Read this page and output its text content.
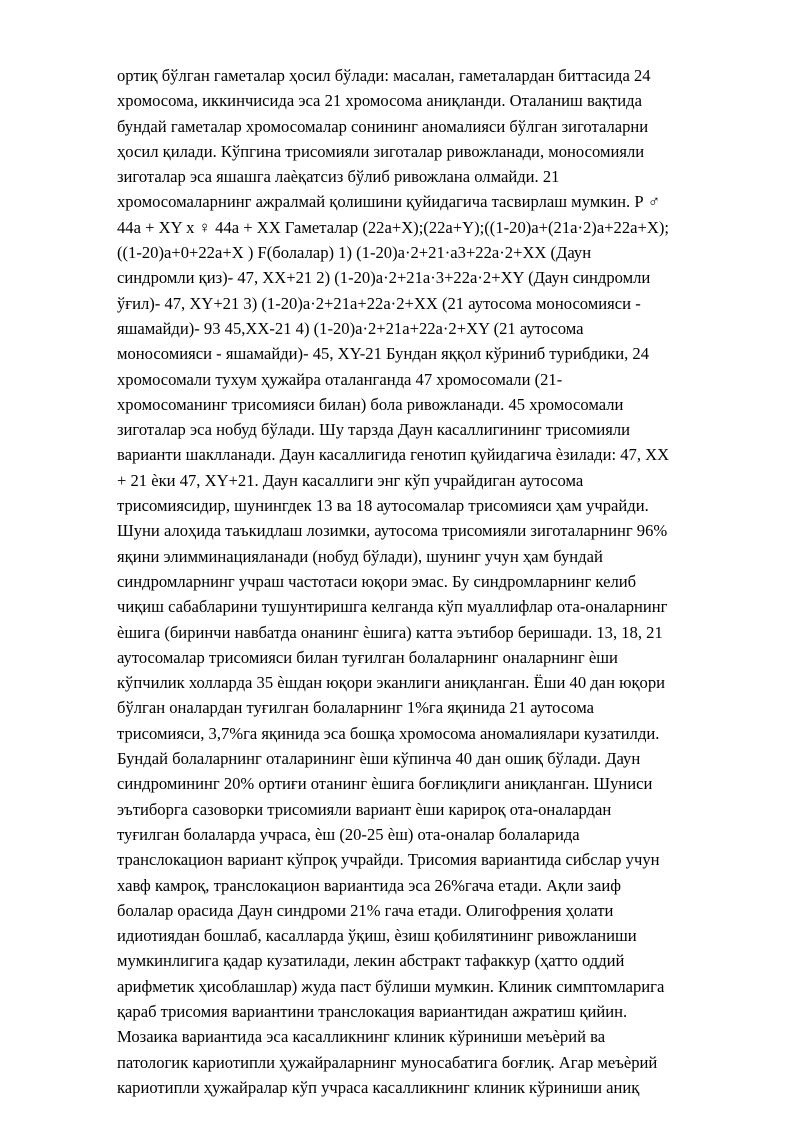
ортиқ бўлган гаметалар ҳосил бўлади: масалан, гаметалардан биттасида 24
хромосома, иккинчисида эса 21 хромосома аниқланди. Оталаниш вақтида
бундай гаметалар хромосомалар сонининг аномалияси бўлган зиготаларни
ҳосил қилади. Кўпгина трисомияли зиготалар ривожланади, моносомияли
зиготалар эса яшашга лаѐқатсиз бўлиб ривожлана олмайди. 21
хромосомаларнинг ажралмай қолишини қуйидагича тасвирлаш мумкин. Р ♂
44а + ХY х ♀ 44а + ХХ Гаметалар (22а+Х);(22а+Y);((1-20)а+(21а·2)а+22а+Х);
((1-20)а+0+22а+Х ) F(болалар) 1) (1-20)а·2+21·а3+22а·2+ХХ (Даун
синдромли қиз)- 47, ХХ+21 2) (1-20)а·2+21а·3+22а·2+ХY (Даун синдромли
ўғил)- 47, ХY+21 3) (1-20)а·2+21а+22а·2+ХХ (21 аутосома моносомияси -
яшамайди)- 93 45,ХХ-21 4) (1-20)а·2+21а+22а·2+ХY (21 аутосома
моносомияси - яшамайди)- 45, ХY-21 Бундан яққол кўриниб турибдики, 24
хромосомали тухум ҳужайра оталанганда 47 хромосомали (21-
хромосоманинг трисомияси билан) бола ривожланади. 45 хромосомали
зиготалар эса нобуд бўлади. Шу тарзда Даун касаллигининг трисомияли
варианти шаклланади. Даун касаллигида генотип қуйидагича ѐзилади: 47, ХХ
+ 21 ѐки 47, ХY+21. Даун касаллиги энг кўп учрайдиган аутосома
трисомиясидир, шунингдек 13 ва 18 аутосомалар трисомияси ҳам учрайди.
Шуни алоҳида таъкидлаш лозимки, аутосома трисомияли зиготаларнинг 96%
яқини элимминацияланади (нобуд бўлади), шунинг учун ҳам бундай
синдромларнинг учраш частотаси юқори эмас. Бу синдромларнинг келиб
чиқиш сабабларини тушунтиришга келганда кўп муаллифлар ота-оналарнинг
ѐшига (биринчи навбатда онанинг ѐшига) катта эътибор беришади. 13, 18, 21
аутосомалар трисомияси билан туғилган болаларнинг оналарнинг ѐши
кўпчилик холларда 35 ѐшдан юқори эканлиги аниқланган. Ёши 40 дан юқори
бўлган оналардан туғилган болаларнинг 1%га яқинида 21 аутосома
трисомияси, 3,7%га яқинида эса бошқа хромосома аномалиялари кузатилди.
Бундай болаларнинг оталарининг ѐши кўпинча 40 дан ошиқ бўлади. Даун
синдромининг 20% ортиғи отанинг ѐшига боғлиқлиги аниқланган. Шуниси
эътиборга сазоворки трисомияли вариант ѐши карироқ ота-оналардан
туғилган болаларда учраса, ѐш (20-25 ѐш) ота-оналар болаларида
транслокацион вариант кўпроқ учрайди. Трисомия вариантида сибслар учун
хавф камроқ, транслокацион вариантида эса 26%гача етади. Ақли заиф
болалар орасида Даун синдроми 21% гача етади. Олигофрения ҳолати
идиотиядан бошлаб, касалларда ўқиш, ѐзиш қобилятининг ривожланиши
мумкинлигига қадар кузатилади, лекин абстракт тафаккур (ҳатто оддий
арифметик ҳисоблашлар) жуда паст бўлиши мумкин. Клиник симптомларига
қараб трисомия вариантини транслокация вариантидан ажратиш қийин.
Мозаика вариантида эса касалликнинг клиник кўриниши меъѐрий ва
патологик кариотипли ҳужайраларнинг муносабатига боғлиқ. Агар меъѐрий
кариотипли ҳужайралар кўп учраса касалликнинг клиник кўриниши аниқ
